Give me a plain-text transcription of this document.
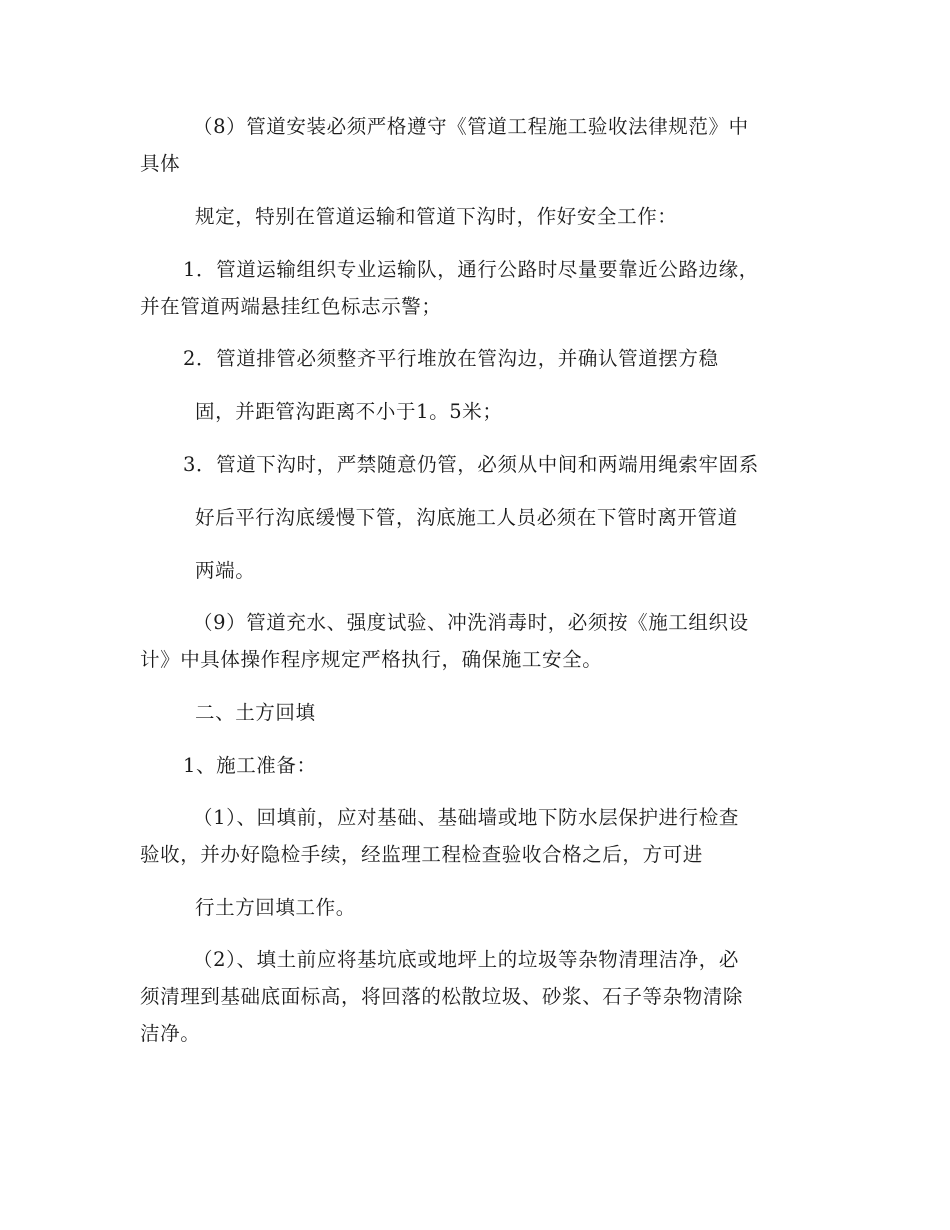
（8）管道安装必须严格遵守《管道工程施工验收法律规范》中
具体
规定，特别在管道运输和管道下沟时，作好安全工作：
1．管道运输组织专业运输队，通行公路时尽量要靠近公路边缘，
并在管道两端悬挂红色标志示警；
2．管道排管必须整齐平行堆放在管沟边，并确认管道摆方稳
固，并距管沟距离不小于1。5米；
3．管道下沟时，严禁随意仍管，必须从中间和两端用绳索牢固系
好后平行沟底缓慢下管，沟底施工人员必须在下管时离开管道
两端。
（9）管道充水、强度试验、冲洗消毒时，必须按《施工组织设
计》中具体操作程序规定严格执行，确保施工安全。
二、土方回填
1、施工准备：
（1）、回填前，应对基础、基础墙或地下防水层保护进行检查
验收，并办好隐检手续，经监理工程检查验收合格之后，方可进
行土方回填工作。
（2）、填土前应将基坑底或地坪上的垃圾等杂物清理洁净，必
须清理到基础底面标高，将回落的松散垃圾、砂浆、石子等杂物清除
洁净。
